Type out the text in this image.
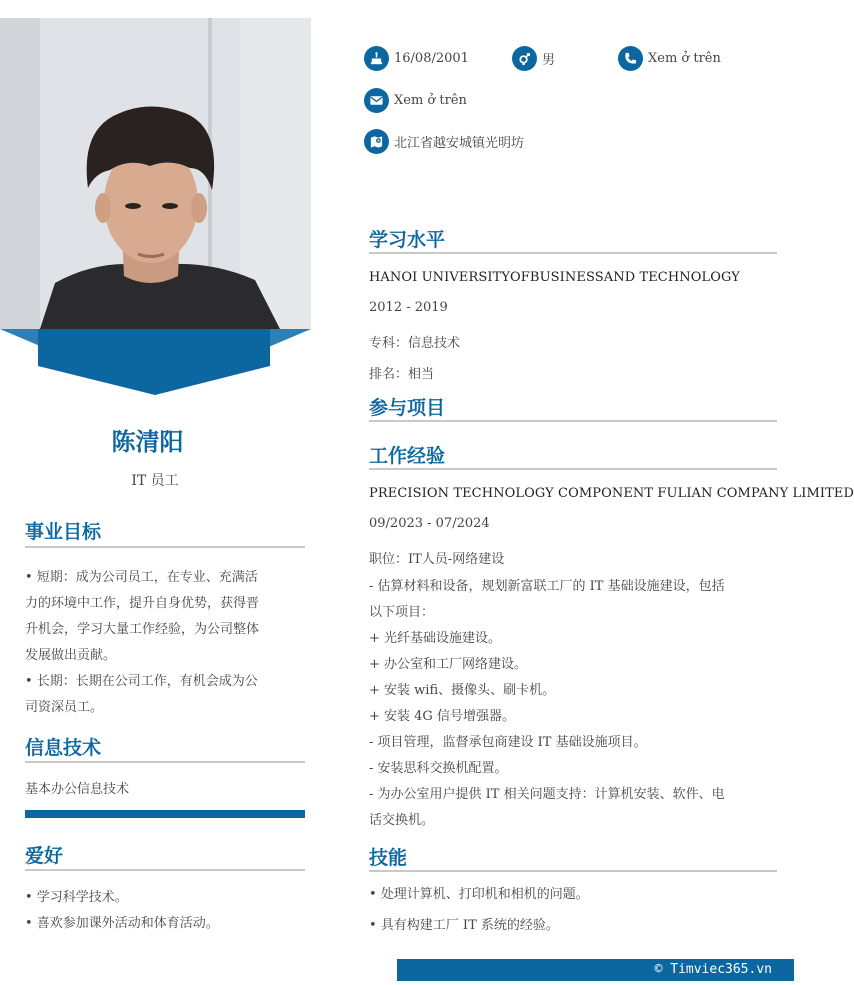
陈清阳
IT 员工
事业目标
• 短期：成为公司员工，在专业、充满活
力的环境中工作，提升自身优势，获得晋
升机会，学习大量工作经验，为公司整体
发展做出贡献。
• 长期：长期在公司工作，有机会成为公
司资深员工。
信息技术
基本办公信息技术
爱好
• 学习科学技术。
• 喜欢参加课外活动和体育活动。
16/08/2001	男	Xem ở trên
Xem ở trên
北江省越安城镇光明坊
学习水平
HANOI UNIVERSITYOFBUSINESSAND TECHNOLOGY
2012 - 2019
专科：信息技术
排名：相当
参与项目
工作经验
PRECISION TECHNOLOGY COMPONENT FULIAN COMPANY LIMITED
09/2023 - 07/2024
职位：IT人员-网络建设
- 估算材料和设备，规划新富联工厂的 IT 基础设施建设，包括
以下项目：
+ 光纤基础设施建设。
+ 办公室和工厂网络建设。
+ 安装 wifi、摄像头、刷卡机。
+ 安装 4G 信号增强器。
- 项目管理，监督承包商建设 IT 基础设施项目。
- 安装思科交换机配置。
- 为办公室用户提供 IT 相关问题支持：计算机安装、软件、电
话交换机。
技能
• 处理计算机、打印机和相机的问题。
• 具有构建工厂 IT 系统的经验。
© Timviec365.vn
